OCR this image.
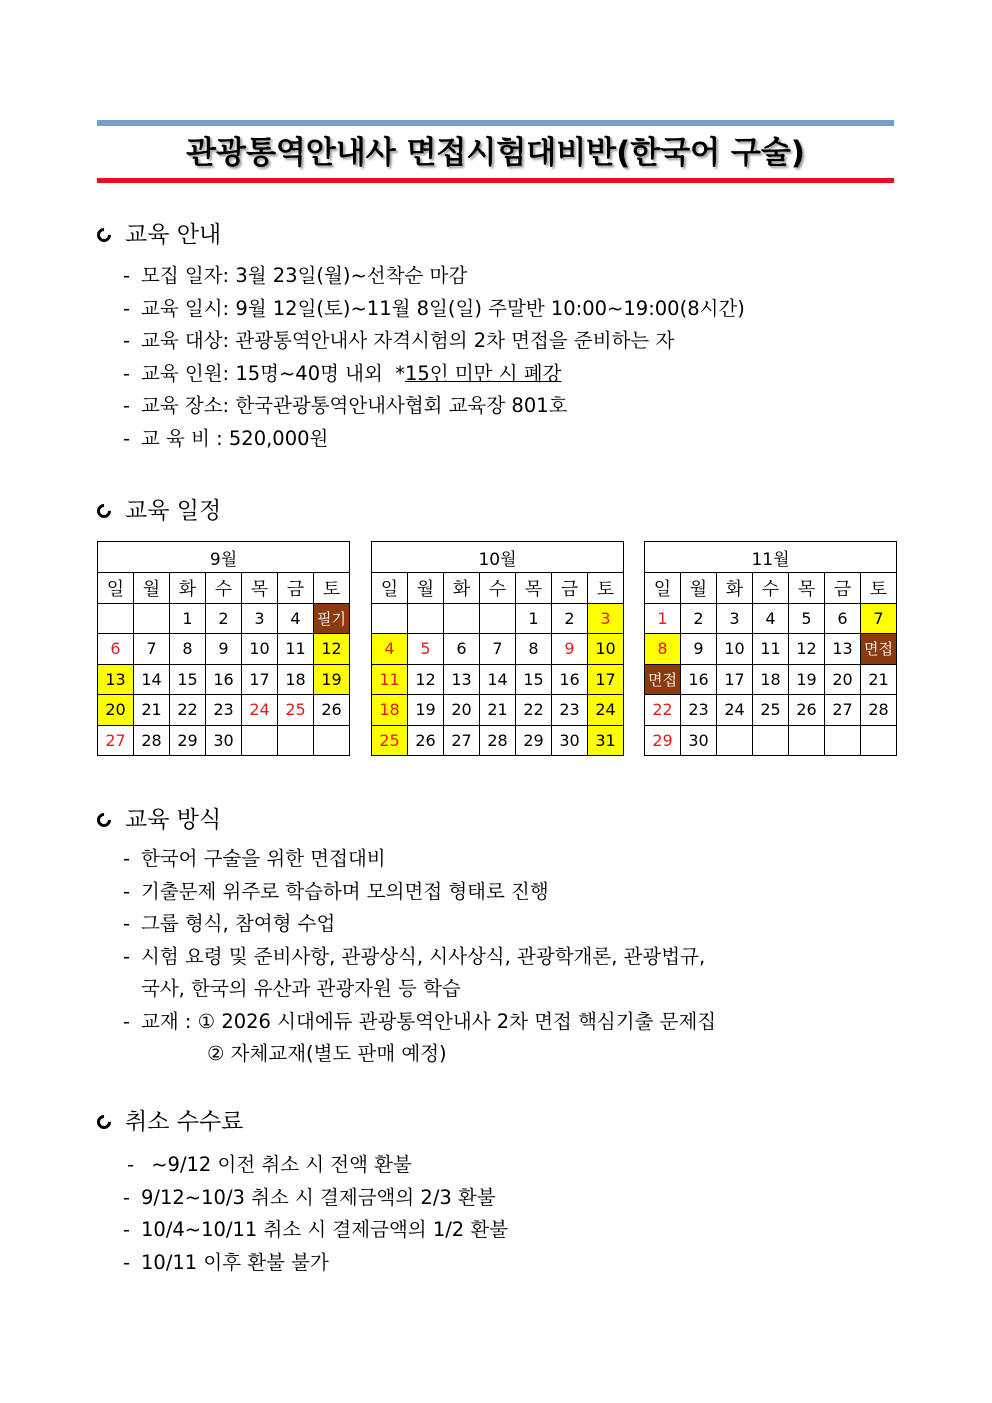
관광통역안내사 면접시험대비반(한국어 구술)
교육 안내
- 모집 일자: 3월 23일(월)~선착순 마감
- 교육 일시: 9월 12일(토)~11월 8일(일) 주말반 10:00~19:00(8시간)
- 교육 대상: 관광통역안내사 자격시험의 2차 면접을 준비하는 자
- 교육 인원: 15명~40명 내외  *15인 미만 시 폐강
- 교육 장소: 한국관광통역안내사협회 교육장 801호
- 교 육 비 : 520,000원
교육 일정
9월						
일	월	화	수	목	금	토
		1	2	3	4	필기
6	7	8	9	10	11	12
13	14	15	16	17	18	19
20	21	22	23	24	25	26
27	28	29	30			
10월						
일	월	화	수	목	금	토
				1	2	3
4	5	6	7	8	9	10
11	12	13	14	15	16	17
18	19	20	21	22	23	24
25	26	27	28	29	30	31
11월						
일	월	화	수	목	금	토
1	2	3	4	5	6	7
8	9	10	11	12	13	면접
면접	16	17	18	19	20	21
22	23	24	25	26	27	28
29	30					
교육 방식
- 한국어 구술을 위한 면접대비
- 기출문제 위주로 학습하며 모의면접 형태로 진행
- 그룹 형식, 참여형 수업
- 시험 요령 및 준비사항, 관광상식, 시사상식, 관광학개론, 관광법규,
국사, 한국의 유산과 관광자원 등 학습
- 교재 : ① 2026 시대에듀 관광통역안내사 2차 면접 핵심기출 문제집
② 자체교재(별도 판매 예정)
취소 수수료
- ~9/12 이전 취소 시 전액 환불
- 9/12~10/3 취소 시 결제금액의 2/3 환불
- 10/4~10/11 취소 시 결제금액의 1/2 환불
- 10/11 이후 환불 불가
